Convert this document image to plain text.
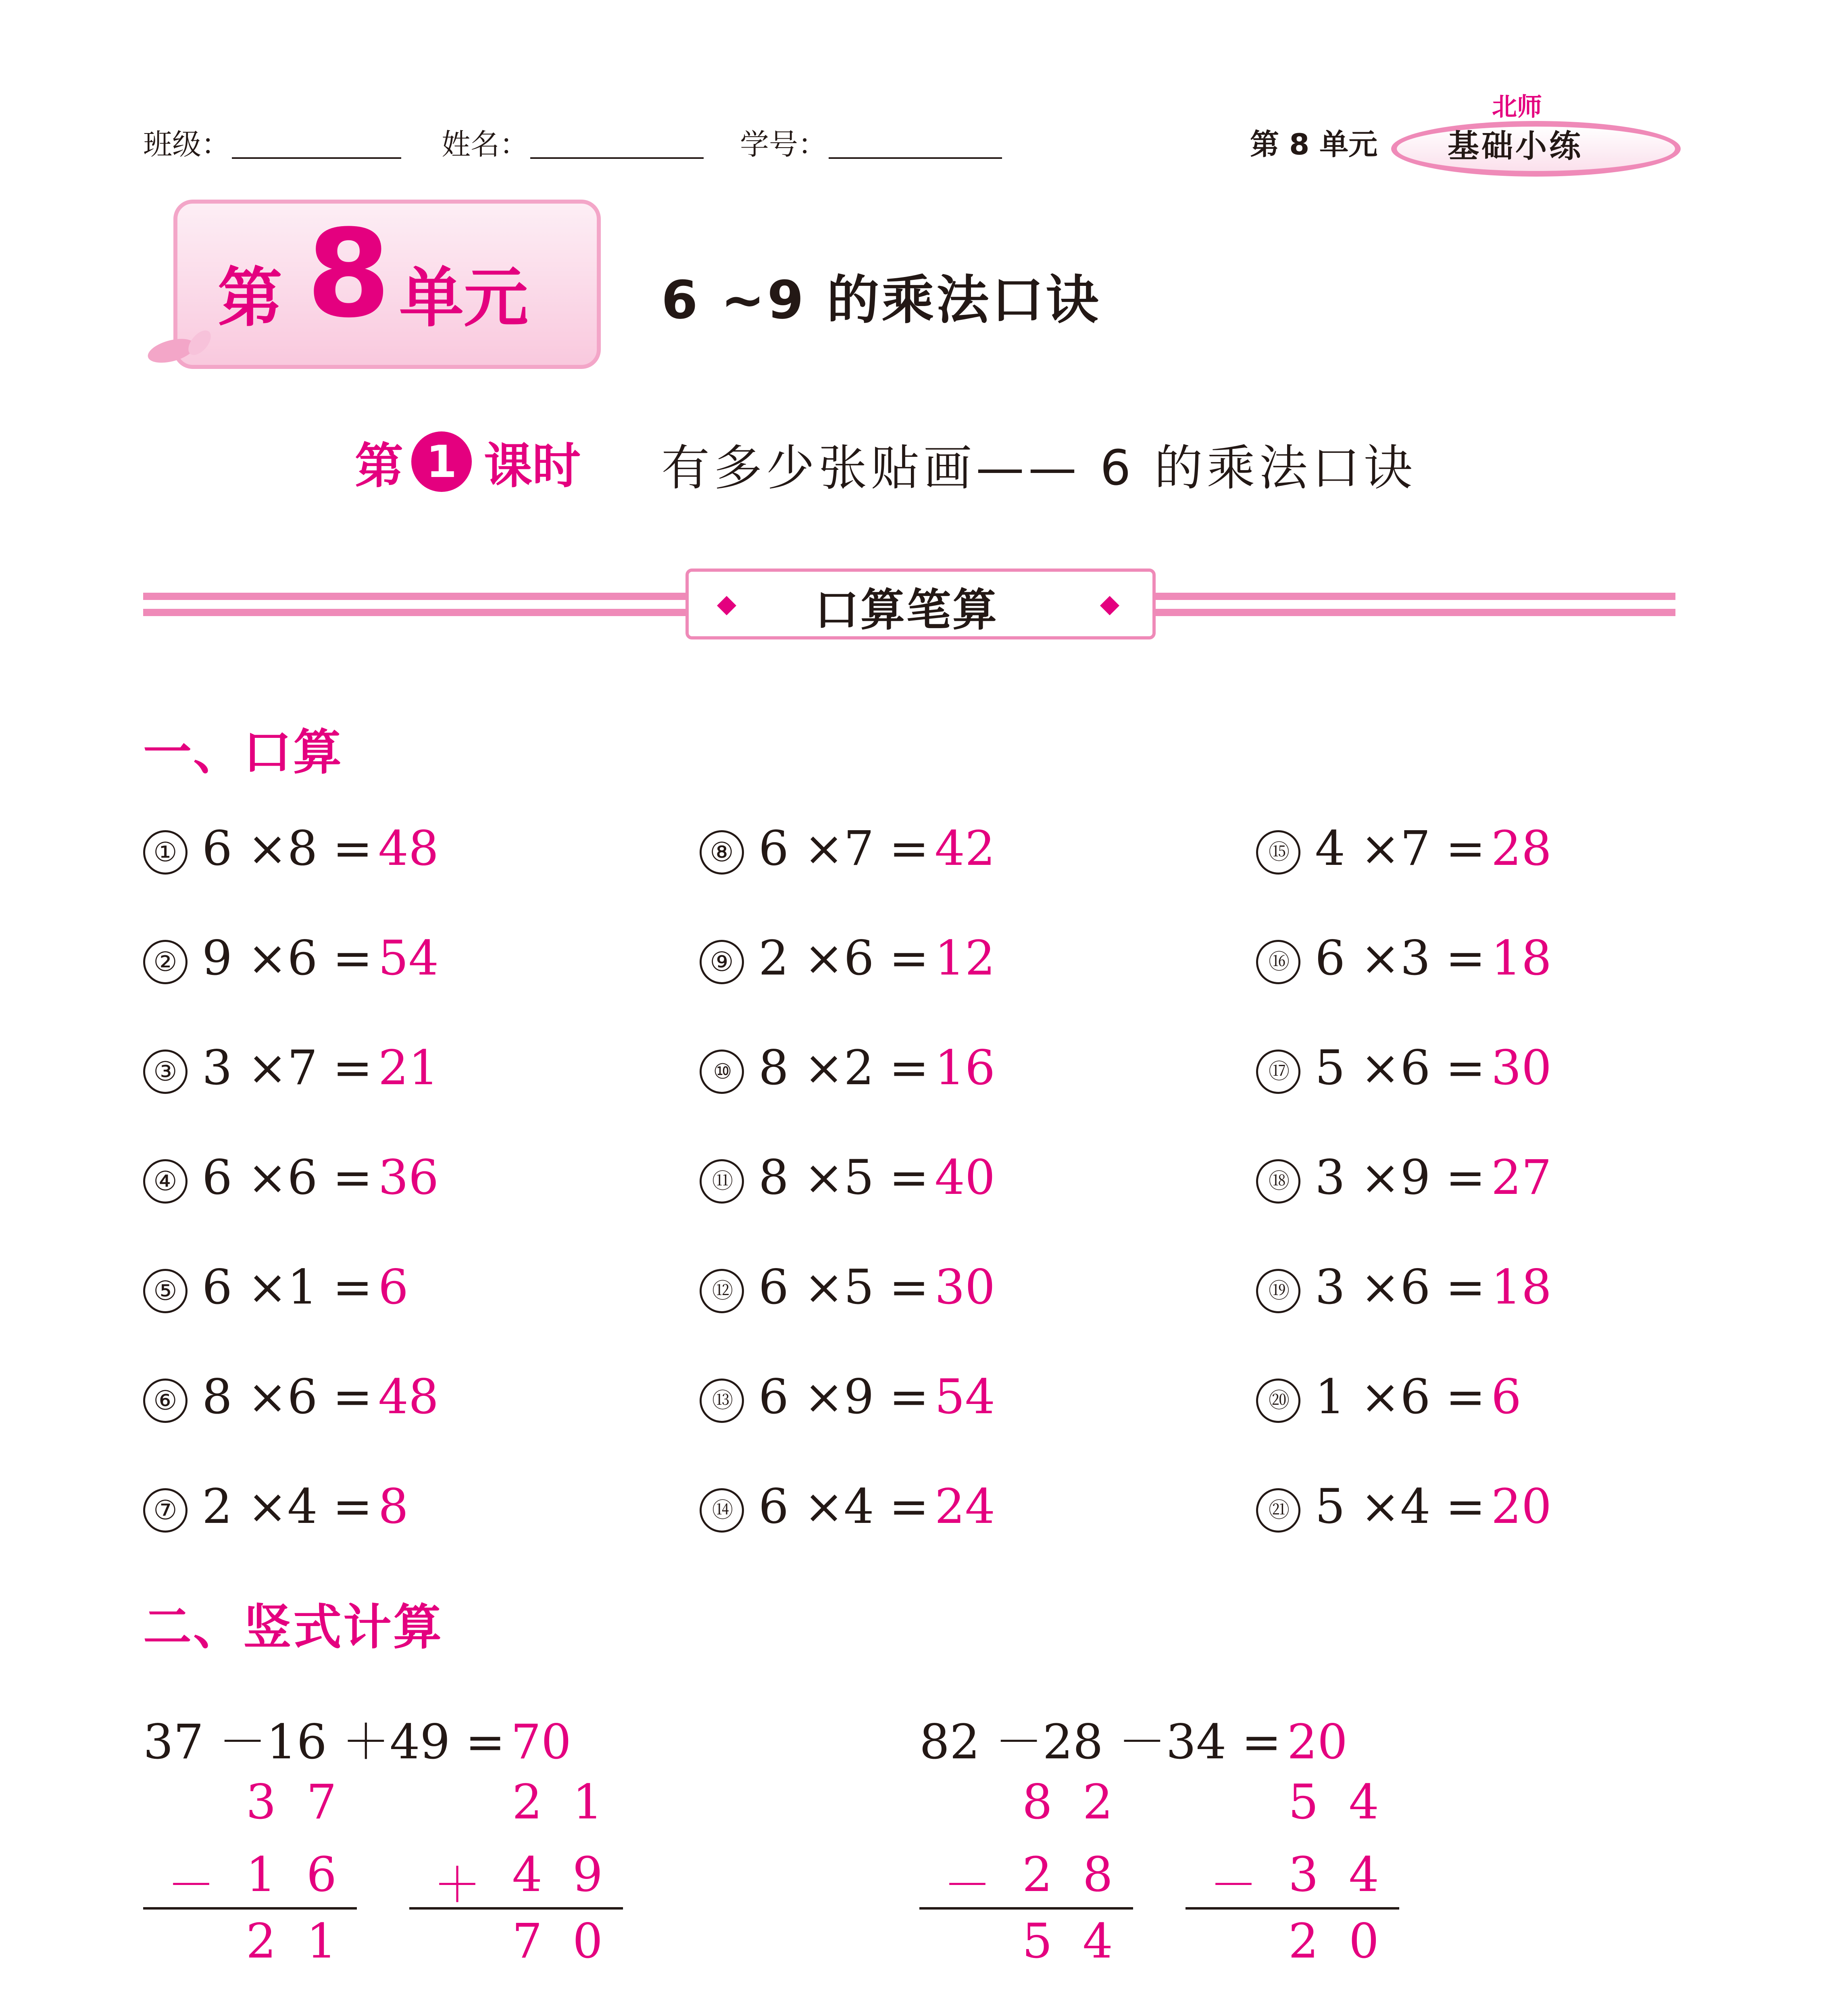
班级：	姓名：	学号：	第 8 单元
北师
基础小练
第 8 单元	6 ~9 的乘法口诀
第 1 课时 有多少张贴画—— 6 的乘法口诀
口算笔算
一、口算
① 6 ×8 = 48
② 9 ×6 = 54
③ 3 ×7 = 21
④ 6 ×6 = 36
⑤ 6 ×1 = 6
⑥ 8 ×6 = 48
⑦ 2 ×4 = 8
⑧ 6 ×7 = 42
⑨ 2 ×6 = 12
⑩ 8 ×2 = 16
⑪ 8 ×5 = 40
⑫ 6 ×5 = 30
⑬ 6 ×9 = 54
⑭ 6 ×4 = 24
⑮ 4 ×7 = 28
⑯ 6 ×3 = 18
⑰ 5 ×6 = 30
⑱ 3 ×9 = 27
⑲ 3 ×6 = 18
⑳ 1 ×6 = 6
㉑ 5 ×4 = 20
二、竖式计算
37 －16 ＋49 = 70
3  7
－ 1  6
2  1
2  1
＋ 4  9
7  0
82 －28 －34 = 20
8  2
－ 2  8
5  4
5  4
－ 3  4
2  0
